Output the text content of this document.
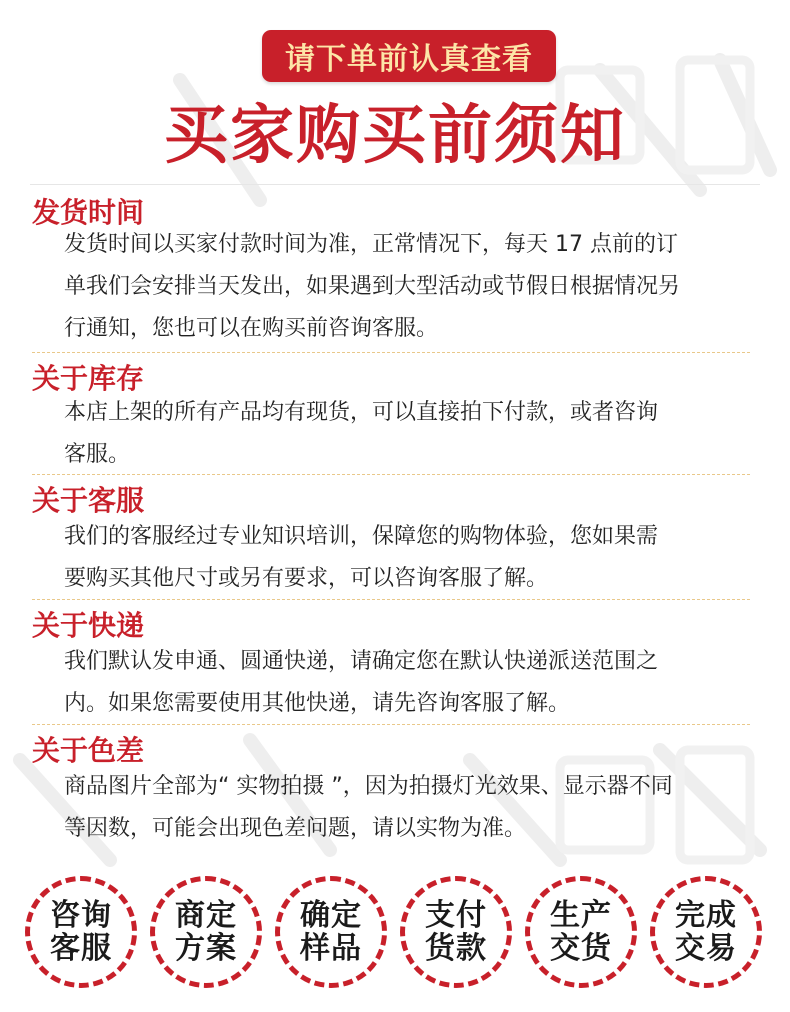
请下单前认真查看
买家购买前须知
发货时间
发货时间以买家付款时间为准，正常情况下，每天 17 点前的订
单我们会安排当天发出，如果遇到大型活动或节假日根据情况另
行通知，您也可以在购买前咨询客服。
关于库存
本店上架的所有产品均有现货，可以直接拍下付款，或者咨询
客服。
关于客服
我们的客服经过专业知识培训，保障您的购物体验，您如果需
要购买其他尺寸或另有要求，可以咨询客服了解。
关于快递
我们默认发申通、圆通快递，请确定您在默认快递派送范围之
内。如果您需要使用其他快递，请先咨询客服了解。
关于色差
商品图片全部为“ 实物拍摄 ”，因为拍摄灯光效果、显示器不同
等因数，可能会出现色差问题，请以实物为准。
咨询
客服
商定
方案
确定
样品
支付
货款
生产
交货
完成
交易
